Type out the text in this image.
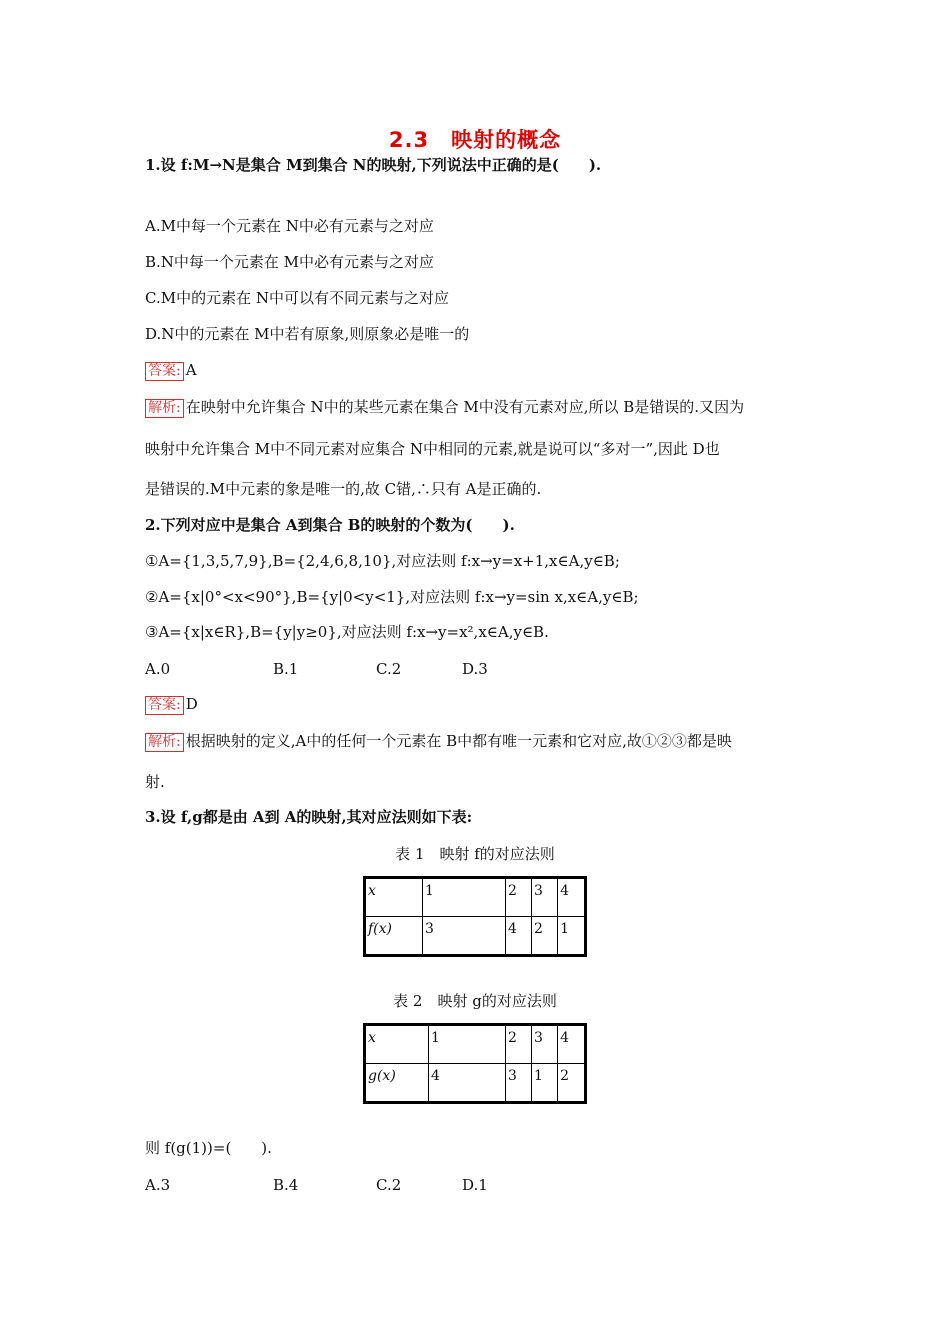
2.3　映射的概念
1.设 f:M→N是集合 M到集合 N的映射,下列说法中正确的是(　　).
A.M中每一个元素在 N中必有元素与之对应
B.N中每一个元素在 M中必有元素与之对应
C.M中的元素在 N中可以有不同元素与之对应
D.N中的元素在 M中若有原象,则原象必是唯一的
答案: A
解析: 在映射中允许集合 N中的某些元素在集合 M中没有元素对应,所以 B是错误的.又因为
映射中允许集合 M中不同元素对应集合 N中相同的元素,就是说可以“多对一”,因此 D也
是错误的.M中元素的象是唯一的,故 C错,∴只有 A是正确的.
2.下列对应中是集合 A到集合 B的映射的个数为(　　).
①A={1,3,5,7,9},B={2,4,6,8,10},对应法则 f:x→y=x+1,x∈A,y∈B;
②A={x|0°<x<90°},B={y|0<y<1},对应法则 f:x→y=sin x,x∈A,y∈B;
③A={x|x∈R},B={y|y≥0},对应法则 f:x→y=x²,x∈A,y∈B.
A.0	B.1	C.2	D.3
答案: D
解析: 根据映射的定义,A中的任何一个元素在 B中都有唯一元素和它对应,故①②③都是映
射.
3.设 f,g都是由 A到 A的映射,其对应法则如下表:
表 1　映射 f的对应法则
x	1	2	3	4
f(x)	3	4	2	1
表 2　映射 g的对应法则
x	1	2	3	4
g(x)	4	3	1	2
则 f(g(1))=(　　).
A.3	B.4	C.2	D.1
